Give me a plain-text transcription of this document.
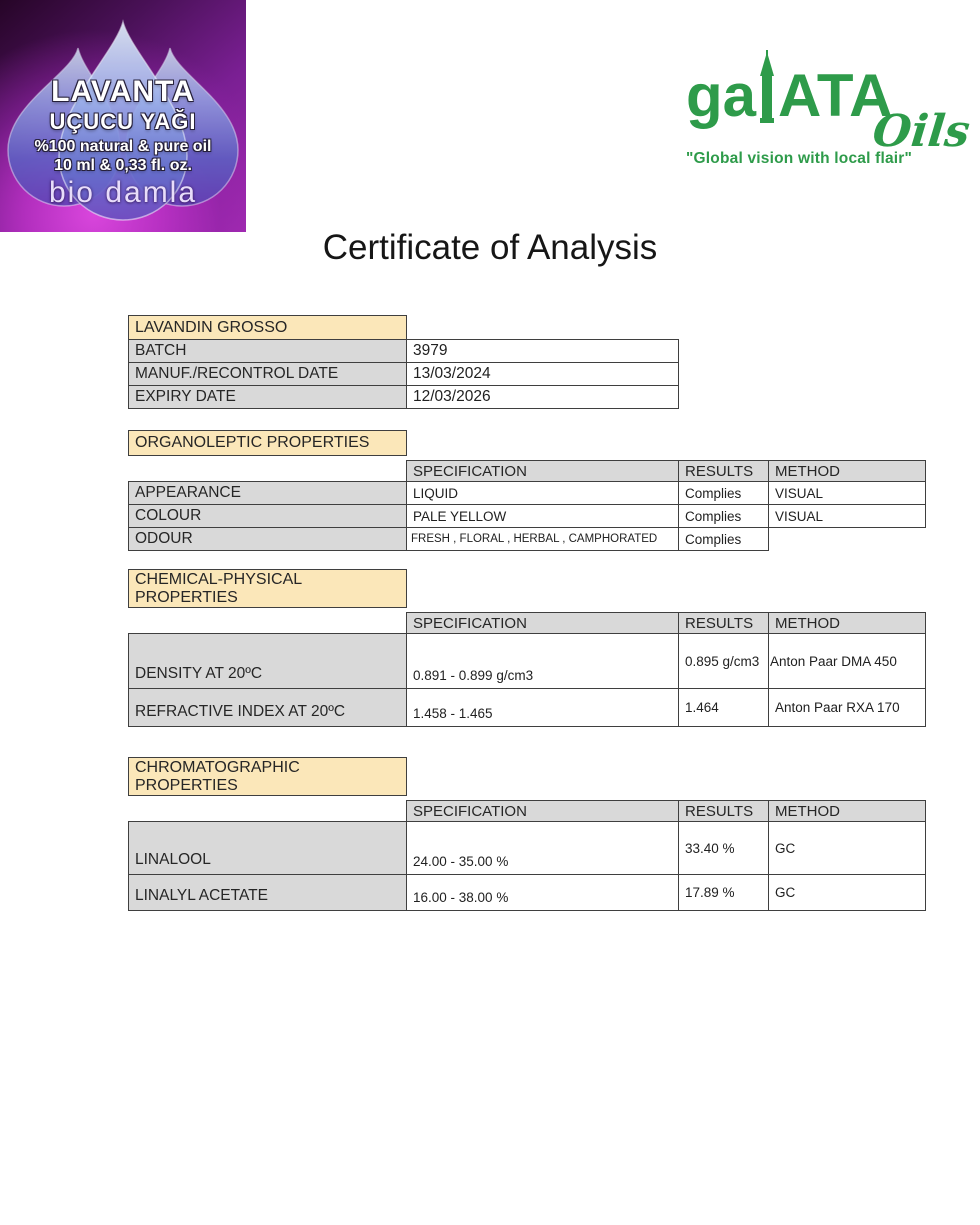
LAVANTA
UÇUCU YAĞI
%100 natural & pure oil
10 ml & 0,33 fl. oz.
bio damla
ga ATA
Oils
"Global vision with local flair"
Certificate of Analysis
LAVANDIN GROSSO	
BATCH	3979
MANUF./RECONTROL DATE	13/03/2024
EXPIRY DATE	12/03/2026
ORGANOLEPTIC PROPERTIES			

	SPECIFICATION	RESULTS	METHOD
APPEARANCE	LIQUID	Complies	VISUAL
COLOUR	PALE YELLOW	Complies	VISUAL
ODOUR	FRESH , FLORAL , HERBAL , CAMPHORATED	Complies	
CHEMICAL-PHYSICAL PROPERTIES			

	SPECIFICATION	RESULTS	METHOD
DENSITY AT 20ºC	0.891 - 0.899 g/cm3	0.895 g/cm3	Anton Paar DMA 450
REFRACTIVE INDEX AT 20ºC	1.458 - 1.465	1.464	Anton Paar RXA 170
CHROMATOGRAPHIC PROPERTIES			

	SPECIFICATION	RESULTS	METHOD
LINALOOL	24.00 - 35.00 %	33.40 %	GC
LINALYL ACETATE	16.00 - 38.00 %	17.89 %	GC
